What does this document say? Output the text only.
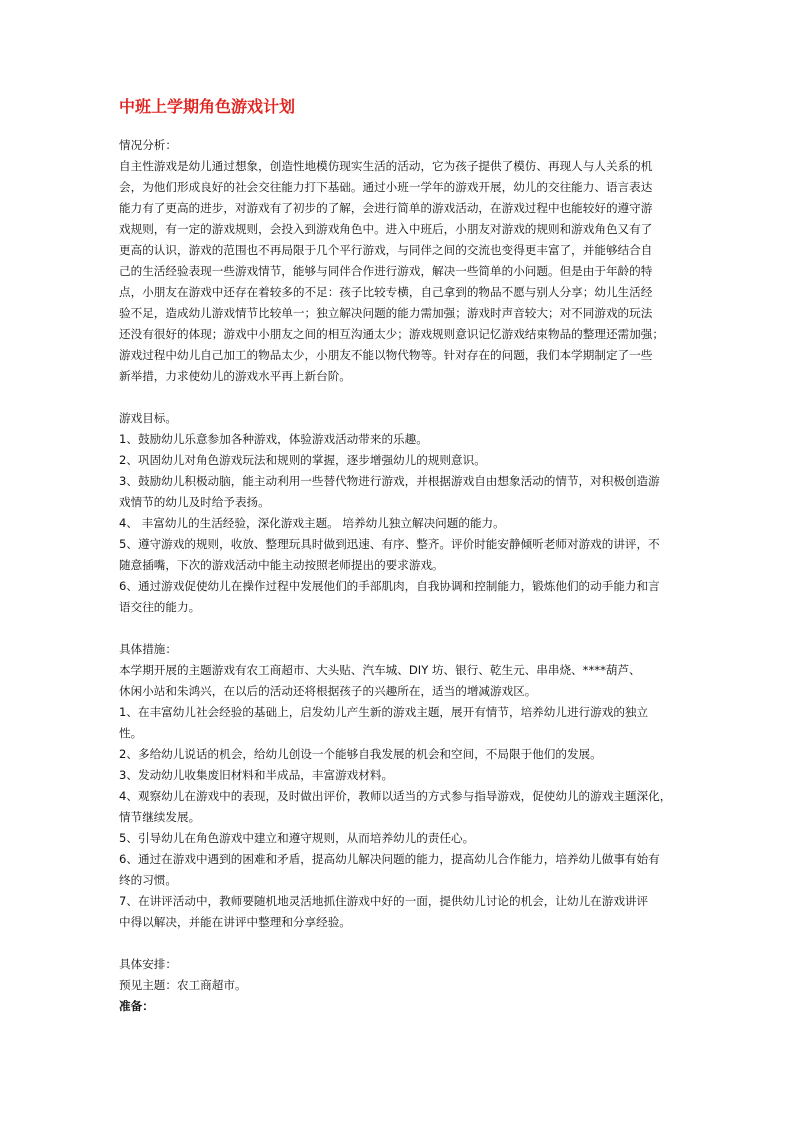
中班上学期角色游戏计划
情况分析：
自主性游戏是幼儿通过想象，创造性地模仿现实生活的活动，它为孩子提供了模仿、再现人与人关系的机
会，为他们形成良好的社会交往能力打下基础。通过小班一学年的游戏开展，幼儿的交往能力、语言表达
能力有了更高的进步，对游戏有了初步的了解，会进行简单的游戏活动，在游戏过程中也能较好的遵守游
戏规则，有一定的游戏规则，会投入到游戏角色中。进入中班后，小朋友对游戏的规则和游戏角色又有了
更高的认识，游戏的范围也不再局限于几个平行游戏，与同伴之间的交流也变得更丰富了，并能够结合自
己的生活经验表现一些游戏情节，能够与同伴合作进行游戏，解决一些简单的小问题。但是由于年龄的特
点，小朋友在游戏中还存在着较多的不足：孩子比较专横，自己拿到的物品不愿与别人分享；幼儿生活经
验不足，造成幼儿游戏情节比较单一；独立解决问题的能力需加强；游戏时声音较大；对不同游戏的玩法
还没有很好的体现；游戏中小朋友之间的相互沟通太少；游戏规则意识记忆游戏结束物品的整理还需加强；
游戏过程中幼儿自己加工的物品太少，小朋友不能以物代物等。针对存在的问题，我们本学期制定了一些
新举措，力求使幼儿的游戏水平再上新台阶。
游戏目标。
1、鼓励幼儿乐意参加各种游戏，体验游戏活动带来的乐趣。
2、巩固幼儿对角色游戏玩法和规则的掌握，逐步增强幼儿的规则意识。
3、鼓励幼儿积极动脑，能主动利用一些替代物进行游戏，并根据游戏自由想象活动的情节，对积极创造游
戏情节的幼儿及时给予表扬。
4、 丰富幼儿的生活经验，深化游戏主题。 培养幼儿独立解决问题的能力。
5、遵守游戏的规则，收放、整理玩具时做到迅速、有序、整齐。评价时能安静倾听老师对游戏的讲评，不
随意插嘴，下次的游戏活动中能主动按照老师提出的要求游戏。
6、通过游戏促使幼儿在操作过程中发展他们的手部肌肉，自我协调和控制能力，锻炼他们的动手能力和言
语交往的能力。
具体措施：
本学期开展的主题游戏有农工商超市、大头贴、汽车城、DIY 坊、银行、乾生元、串串烧、****葫芦、
休闲小站和朱鸿兴，在以后的活动还将根据孩子的兴趣所在，适当的增减游戏区。
1、在丰富幼儿社会经验的基础上，启发幼儿产生新的游戏主题，展开有情节，培养幼儿进行游戏的独立
性。
2、多给幼儿说话的机会，给幼儿创设一个能够自我发展的机会和空间，不局限于他们的发展。
3、发动幼儿收集废旧材料和半成品，丰富游戏材料。
4、观察幼儿在游戏中的表现，及时做出评价，教师以适当的方式参与指导游戏，促使幼儿的游戏主题深化，
情节继续发展。
5、引导幼儿在角色游戏中建立和遵守规则，从而培养幼儿的责任心。
6、通过在游戏中遇到的困难和矛盾，提高幼儿解决问题的能力，提高幼儿合作能力，培养幼儿做事有始有
终的习惯。
7、在讲评活动中，教师要随机地灵活地抓住游戏中好的一面，提供幼儿讨论的机会，让幼儿在游戏讲评
中得以解决，并能在讲评中整理和分享经验。
具体安排：
预见主题：农工商超市。
准备：
